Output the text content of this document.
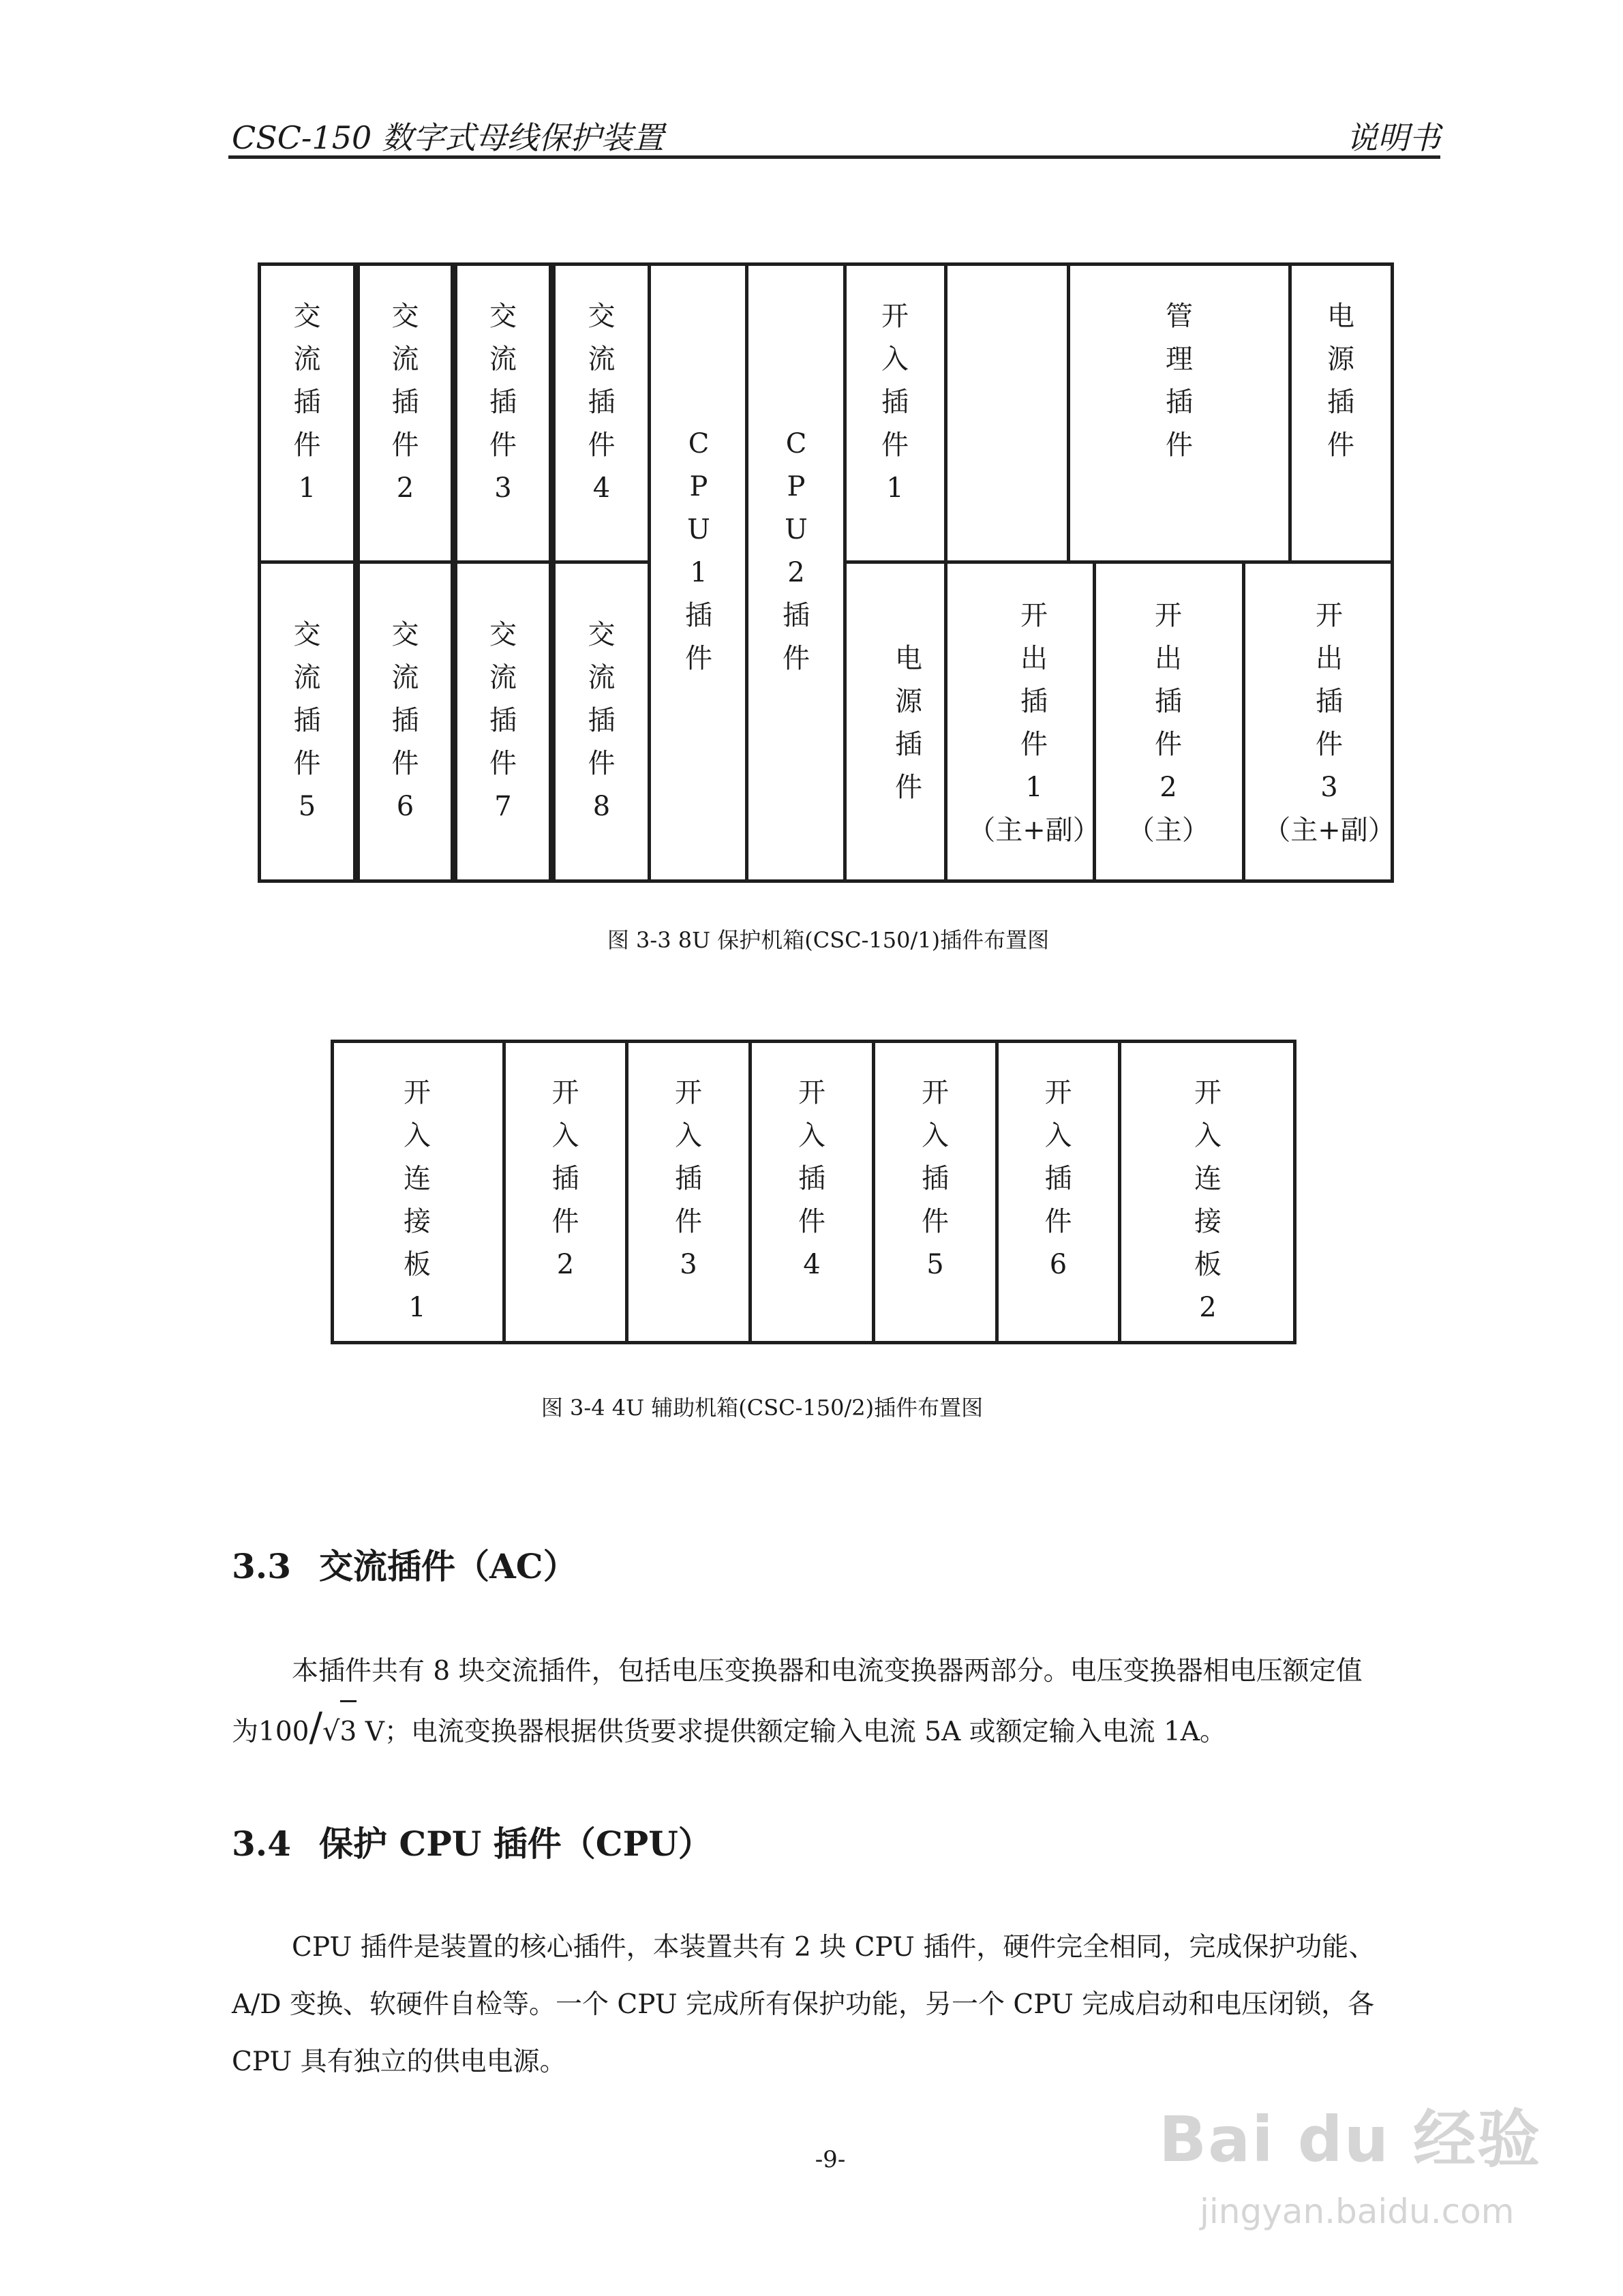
CSC-150 数字式母线保护装置	说明书
交
流
插
件
1
交
流
插
件
5
交
流
插
件
2
交
流
插
件
6
交
流
插
件
3
交
流
插
件
7
交
流
插
件
4
交
流
插
件
8
C
P
U
1
插
件
C
P
U
2
插
件
开
入
插
件
1
管
理
插
件
电
源
插
件
电
源
插
件
开
出
插
件
1
（主+副）
开
出
插
件
2
（主）
开
出
插
件
3
（主+副）
图 3-3 8U 保护机箱(CSC-150/1)插件布置图
开
入
连
接
板
1
开
入
插
件
2
开
入
插
件
3
开
入
插
件
4
开
入
插
件
5
开
入
插
件
6
开
入
连
接
板
2
图 3-4 4U 辅助机箱(CSC-150/2)插件布置图
3.3 交流插件（AC）
本插件共有 8 块交流插件，包括电压变换器和电流变换器两部分。电压变换器相电压额定值
为100/√3 V；电流变换器根据供货要求提供额定输入电流 5A 或额定输入电流 1A。
3.4 保护 CPU 插件（CPU）
CPU 插件是装置的核心插件，本装置共有 2 块 CPU 插件，硬件完全相同，完成保护功能、
A/D 变换、软硬件自检等。一个 CPU 完成所有保护功能，另一个 CPU 完成启动和电压闭锁，各
CPU 具有独立的供电电源。
-9-	Bai du 经验
jingyan.baidu.com
